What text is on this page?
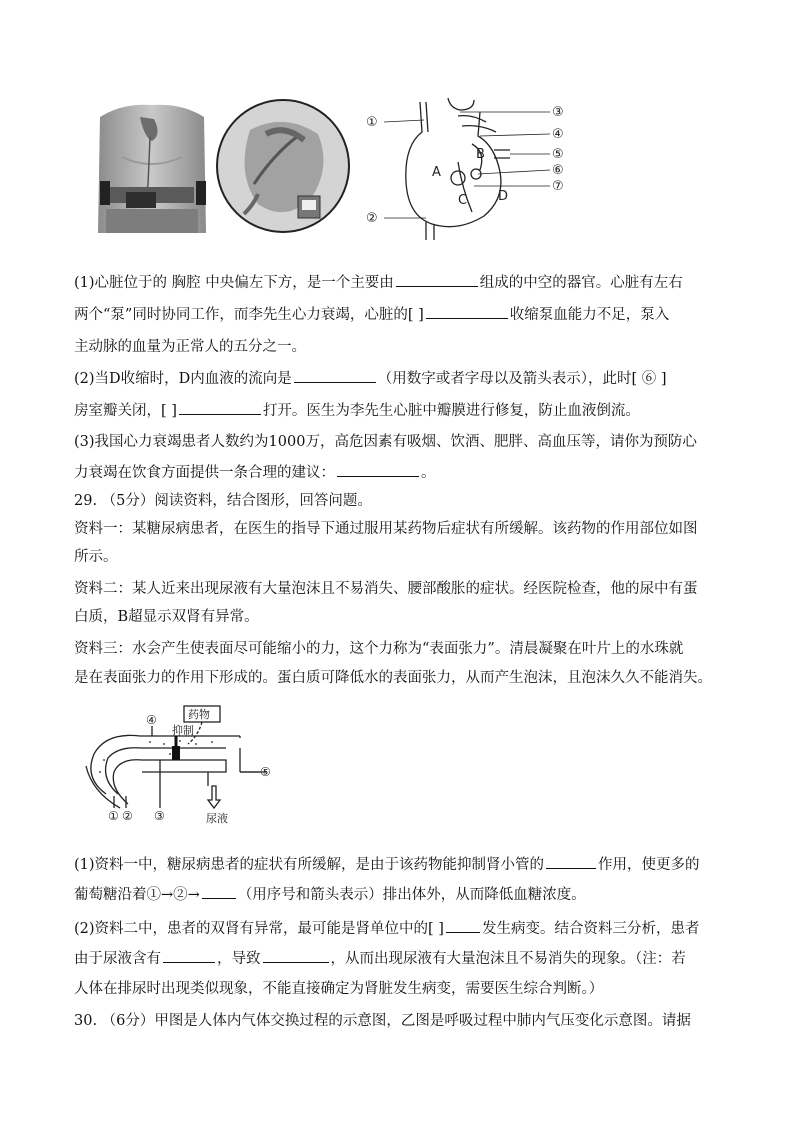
①
②
③
④
⑤
⑥
⑦
A
B
C D
(1)心脏位于的 胸腔 中央偏左下方，是一个主要由	组成的中空的器官。心脏有左右
两个“泵”同时协同工作，而李先生心力衰竭，心脏的[ ]	收缩泵血能力不足，泵入
主动脉的血量为正常人的五分之一。
(2)当D收缩时，D内血液的流向是	（用数字或者字母以及箭头表示），此时[ ⑥ ]
房室瓣关闭，[ ]	打开。医生为李先生心脏中瓣膜进行修复，防止血液倒流。
(3)我国心力衰竭患者人数约为1000万，高危因素有吸烟、饮酒、肥胖、高血压等，请你为预防心
力衰竭在饮食方面提供一条合理的建议：	。
29. （5分）阅读资料，结合图形，回答问题。
资料一：某糖尿病患者，在医生的指导下通过服用某药物后症状有所缓解。该药物的作用部位如图
所示。
资料二：某人近来出现尿液有大量泡沫且不易消失、腰部酸胀的症状。经医院检查，他的尿中有蛋
白质，B超显示双肾有异常。
资料三：水会产生使表面尽可能缩小的力，这个力称为“表面张力”。清晨凝聚在叶片上的水珠就
是在表面张力的作用下形成的。蛋白质可降低水的表面张力，从而产生泡沫，且泡沫久久不能消失。
药物
抑制
尿液
④
① ② ③
⑤
(1)资料一中，糖尿病患者的症状有所缓解，是由于该药物能抑制肾小管的	作用，使更多的
葡萄糖沿着①→②→	（用序号和箭头表示）排出体外，从而降低血糖浓度。
(2)资料二中，患者的双肾有异常，最可能是肾单位中的[ ]	发生病变。结合资料三分析，患者
由于尿液含有	，导致	，从而出现尿液有大量泡沫且不易消失的现象。（注：若
人体在排尿时出现类似现象，不能直接确定为肾脏发生病变，需要医生综合判断。）
30. （6分）甲图是人体内气体交换过程的示意图，乙图是呼吸过程中肺内气压变化示意图。请据
